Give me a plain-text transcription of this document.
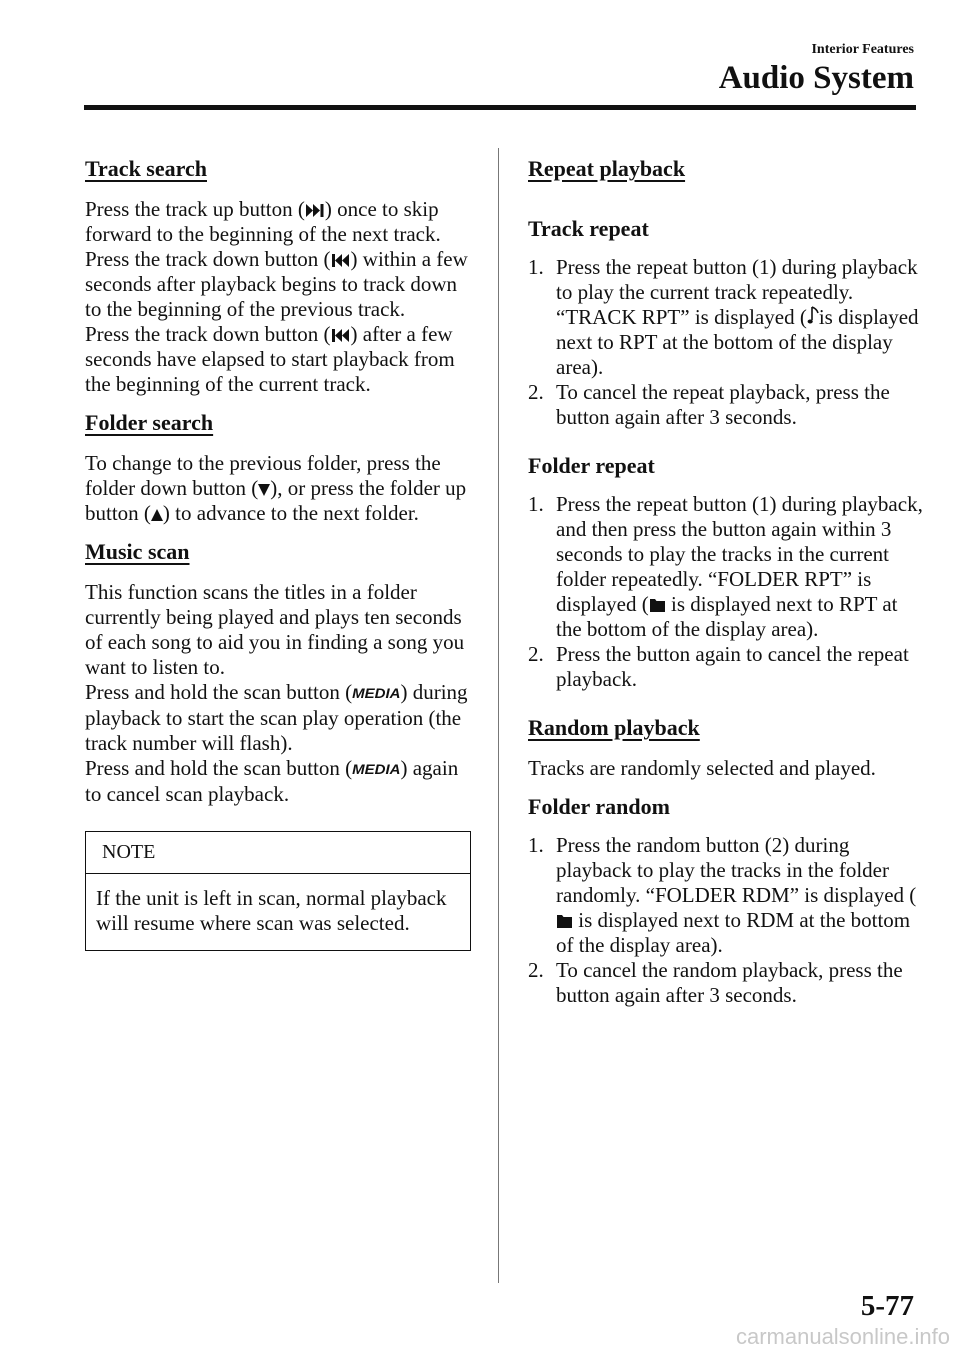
Interior Features
Audio System
Track search

Press the track up button ( ) once to skip forward to the beginning of the next track. Press the track down button ( ) within a few seconds after playback begins to track down to the beginning of the previous track.
Press the track down button ( ) after a few seconds have elapsed to start playback from the beginning of the current track.

Folder search

To change to the previous folder, press the folder down button ( ), or press the folder up button ( ) to advance to the next folder.

Music scan

This function scans the titles in a folder currently being played and plays ten seconds of each song to aid you in finding a song you want to listen to.
Press and hold the scan button (MEDIA) during playback to start the scan play operation (the track number will flash).
Press and hold the scan button (MEDIA) again to cancel scan playback.

NOTE
If the unit is left in scan, normal playback will resume where scan was selected.
Repeat playback
Track repeat
1. Press the repeat button (1) during playback to play the current track repeatedly. “TRACK RPT” is displayed ( is displayed next to RPT at the bottom of the display area).
2. To cancel the repeat playback, press the button again after 3 seconds.
Folder repeat
1. Press the repeat button (1) during playback, and then press the button again within 3 seconds to play the tracks in the current folder repeatedly. “FOLDER RPT” is displayed ( is displayed next to RPT at the bottom of the display area).
2. Press the button again to cancel the repeat playback.
Random playback

Tracks are randomly selected and played.

Folder random
1. Press the random button (2) during playback to play the tracks in the folder randomly. “FOLDER RDM” is displayed ( is displayed next to RDM at the bottom of the display area).
2. To cancel the random playback, press the button again after 3 seconds.
5-77
carmanualsonline.info
